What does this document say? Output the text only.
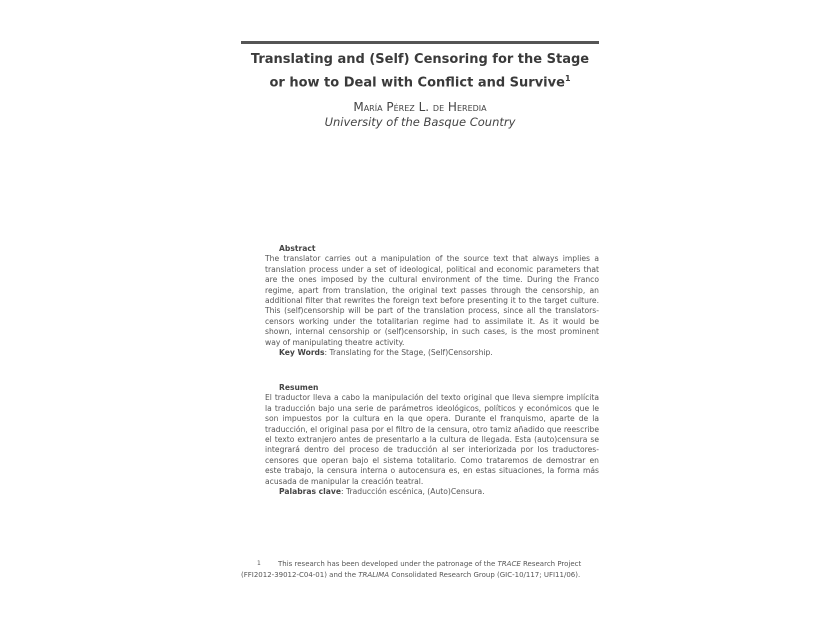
Translating and (Self) Censoring for the Stage
or how to Deal with Conflict and Survive$^1$
María Pérez L. de Heredia
University of the Basque Country
Abstract
The translator carries out a manipulation of the source text that always implies a translation process under a set of ideological, political and economic parameters that are the ones imposed by the cultural environment of the time. During the Franco regime, apart from translation, the original text passes through the censorship, an additional filter that rewrites the foreign text before presenting it to the target culture. This (self)censorship will be part of the translation process, since all the translators-censors working under the totalitarian regime had to assimilate it. As it would be shown, internal censorship or (self)censorship, in such cases, is the most prominent way of manipulating theatre activity.
Key Words: Translating for the Stage, (Self)Censorship.
Resumen
El traductor lleva a cabo la manipulación del texto original que lleva siempre implícita la traducción bajo una serie de parámetros ideológicos, políticos y económicos que le son impuestos por la cultura en la que opera. Durante el franquismo, aparte de la traducción, el original pasa por el filtro de la censura, otro tamiz añadido que reescribe el texto extranjero antes de presentarlo a la cultura de llegada. Esta (auto)censura se integrará dentro del proceso de traducción al ser interiorizada por los traductores-censores que operan bajo el sistema totalitario. Como trataremos de demostrar en este trabajo, la censura interna o autocensura es, en estas situaciones, la forma más acusada de manipular la creación teatral.
Palabras clave: Traducción escénica, (Auto)Censura.
1 This research has been developed under the patronage of the TRACE Research Project
(FFI2012-39012-C04-01) and the TRALIMA Consolidated Research Group (GIC-10/117; UFI11/06).
